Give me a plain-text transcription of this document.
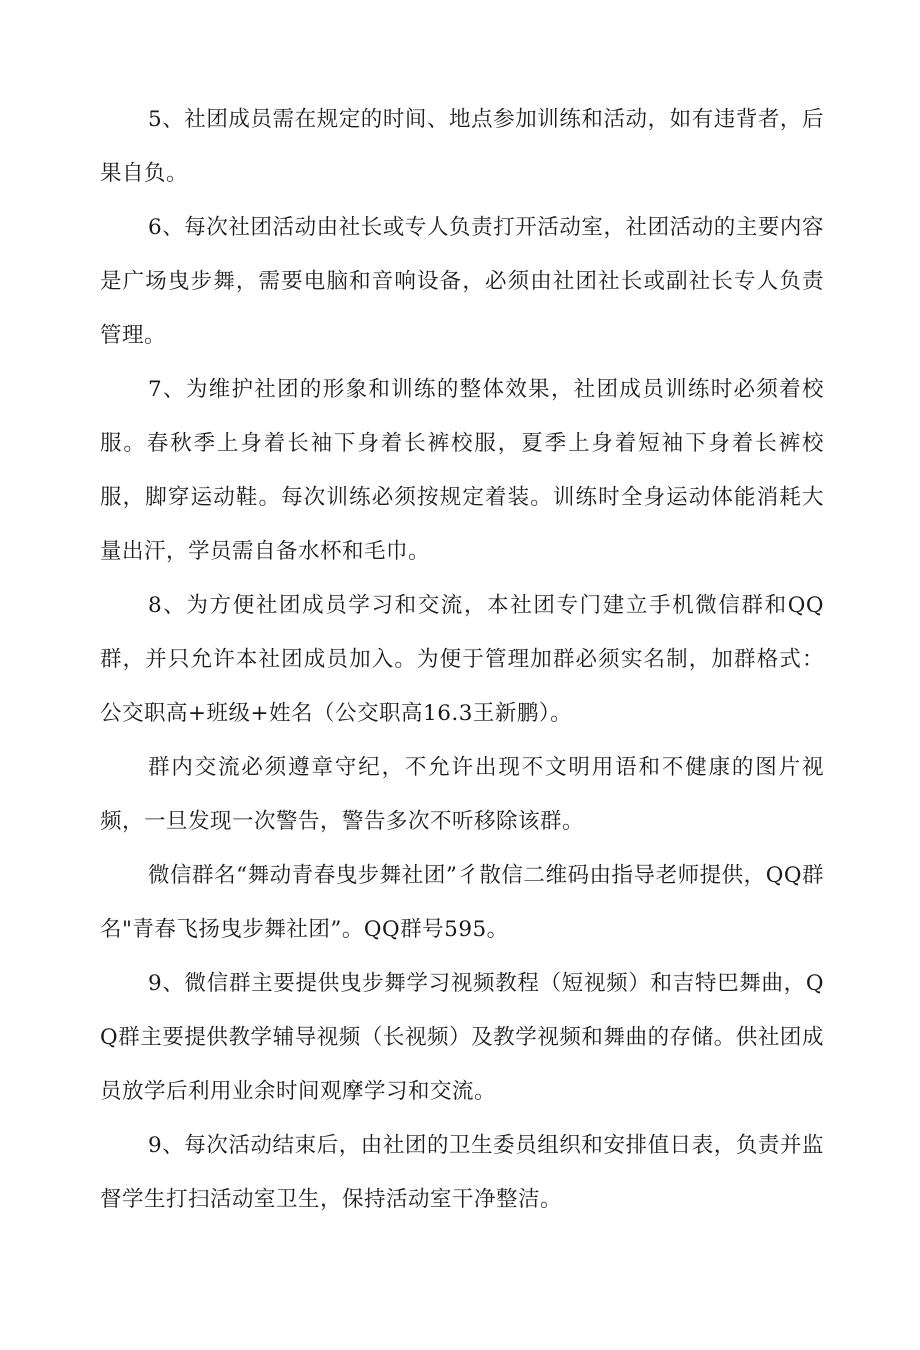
5、社团成员需在规定的时间、地点参加训练和活动，如有违背者，后果自负。

6、每次社团活动由社长或专人负责打开活动室，社团活动的主要内容是广场曳步舞，需要电脑和音响设备，必须由社团社长或副社长专人负责管理。

7、为维护社团的形象和训练的整体效果，社团成员训练时必须着校服。春秋季上身着长袖下身着长裤校服，夏季上身着短袖下身着长裤校服，脚穿运动鞋。每次训练必须按规定着装。训练时全身运动体能消耗大量出汗，学员需自备水杯和毛巾。

8、为方便社团成员学习和交流，本社团专门建立手机微信群和QQ群，并只允许本社团成员加入。为便于管理加群必须实名制，加群格式：公交职高+班级+姓名（公交职高16.3王新鹏）。

群内交流必须遵章守纪，不允许出现不文明用语和不健康的图片视频，一旦发现一次警告，警告多次不听移除该群。

微信群名“舞动青春曳步舞社团”彳散信二维码由指导老师提供，QQ群名"青春飞扬曳步舞社团”。QQ群号595。

9、微信群主要提供曳步舞学习视频教程（短视频）和吉特巴舞曲，QQ群主要提供教学辅导视频（长视频）及教学视频和舞曲的存储。供社团成员放学后利用业余时间观摩学习和交流。

9、每次活动结束后，由社团的卫生委员组织和安排值日表，负责并监督学生打扫活动室卫生，保持活动室干净整洁。
